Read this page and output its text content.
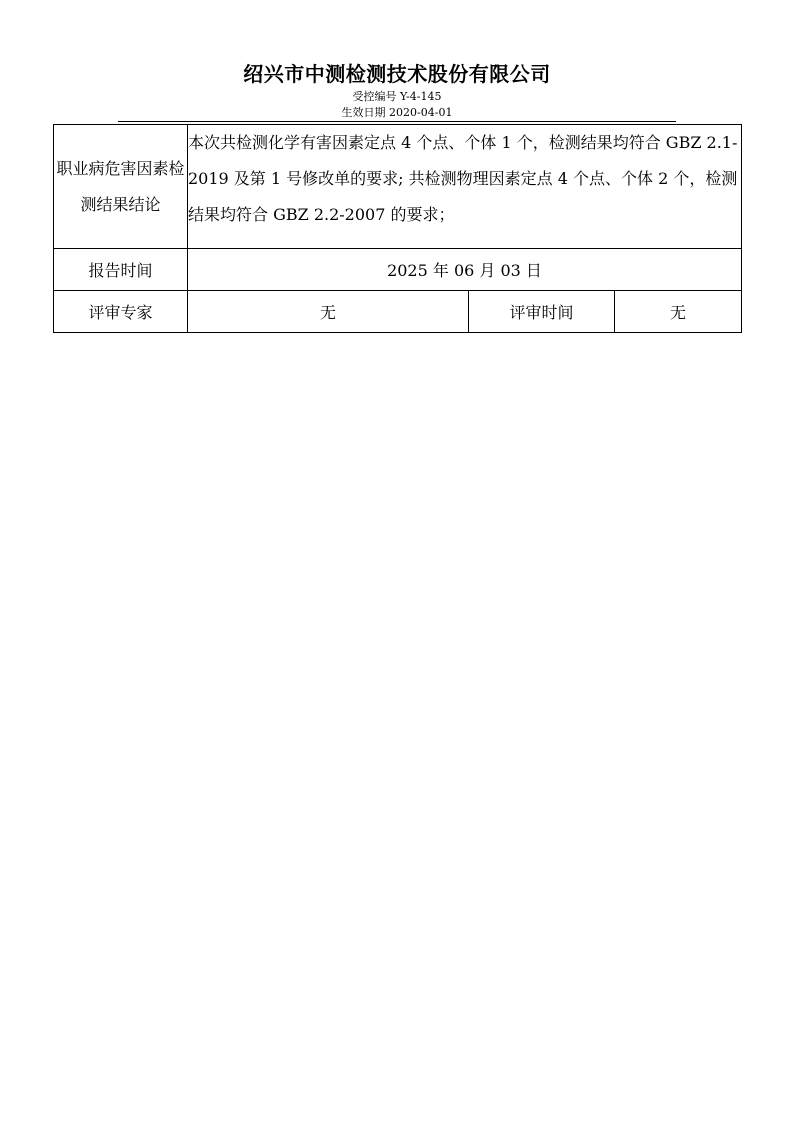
绍兴市中测检测技术股份有限公司
受控编号 Y-4-145
生效日期 2020-04-01
职业病危害因素检测结果结论	本次共检测化学有害因素定点 4 个点、个体 1 个，检测结果均符合 GBZ 2.1-2019 及第 1 号修改单的要求; 共检测物理因素定点 4 个点、个体 2 个，检测结果均符合 GBZ 2.2-2007 的要求；		
报告时间	2025 年 06 月 03 日		
评审专家	无	评审时间	无
